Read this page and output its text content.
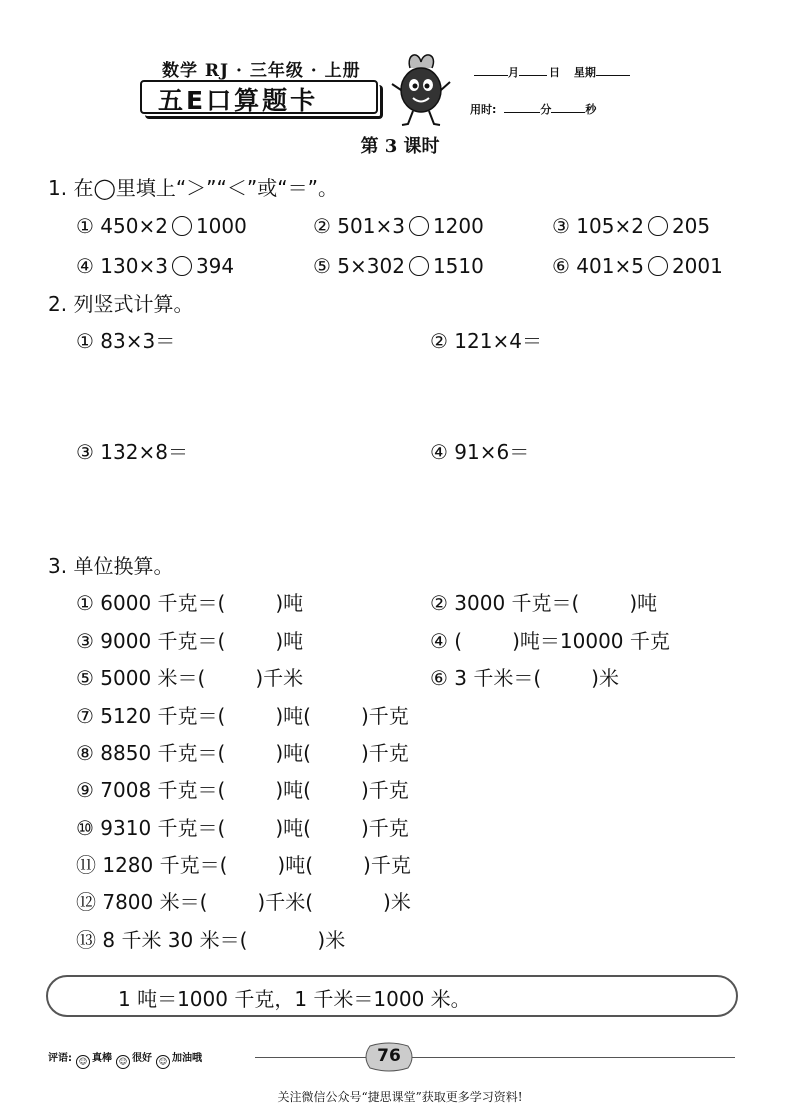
数学 RJ · 三年级 · 上册
五E口算题卡
月	日 星期
用时:	分	秒
第 3 课时
1. 在◯里填上“＞”“＜”或“＝”。
① 450×2 1000	② 501×3 1200	③ 105×2 205
④ 130×3 394	⑤ 5×302 1510	⑥ 401×5 2001
2. 列竖式计算。
① 83×3＝	② 121×4＝
③ 132×8＝	④ 91×6＝
3. 单位换算。
① 6000 千克＝(	)吨	② 3000 千克＝(	)吨
③ 9000 千克＝(	)吨	④ (	)吨＝10000 千克
⑤ 5000 米＝(	)千米	⑥ 3 千米＝(	)米
⑦ 5120 千克＝(	)吨(	)千克
⑧ 8850 千克＝(	)吨(	)千克
⑨ 7008 千克＝(	)吨(	)千克
⑩ 9310 千克＝(	)吨(	)千克
⑪ 1280 千克＝(	)吨(	)千克
⑫ 7800 米＝(	)千米(	)米
⑬ 8 千米 30 米＝(	)米
1 吨＝1000 千克，1 千米＝1000 米。
评语: ☺ 真棒 ☺ 很好 ☺ 加油哦	76
关注微信公众号“捷思课堂”获取更多学习资料!
